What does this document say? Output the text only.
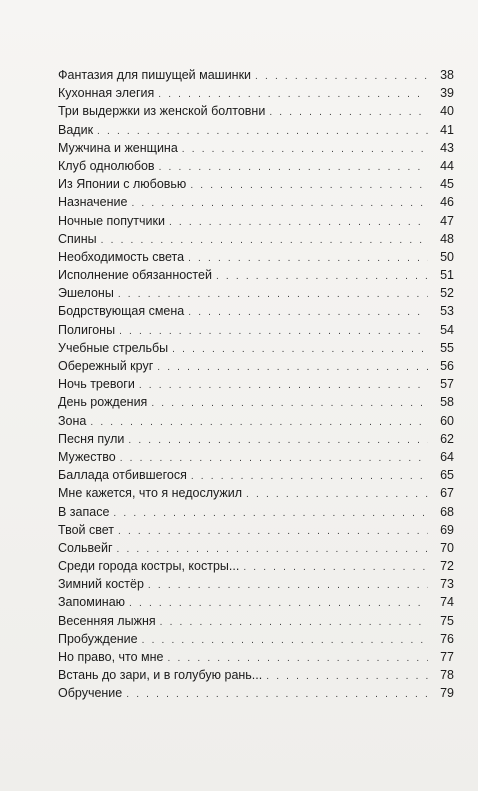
Фантазия для пишущей машинки . . .	38
Кухонная элегия . . .	39
Три выдержки из женской болтовни . . .	40
Вадик . . .	41
Мужчина и женщина . . .	43
Клуб однолюбов . . .	44
Из Японии с любовью . . .	45
Назначение . . .	46
Ночные попутчики . . .	47
Спины . . .	48
Необходимость света . . .	50
Исполнение обязанностей . . .	51
Эшелоны . . .	52
Бодрствующая смена . . .	53
Полигоны . . .	54
Учебные стрельбы . . .	55
Обережный круг . . .	56
Ночь тревоги . . .	57
День рождения . . .	58
Зона . . .	60
Песня пули . . .	62
Мужество . . .	64
Баллада отбившегося . . .	65
Мне кажется, что я недослужил . . .	67
В запасе . . .	68
Твой свет . . .	69
Сольвейг . . .	70
Среди города костры, костры... . . .	72
Зимний костёр . . .	73
Запоминаю . . .	74
Весенняя лыжня . . .	75
Пробуждение . . .	76
Но право, что мне . . .	77
Встань до зари, и в голубую рань... . . .	78
Обручение . . .	79
